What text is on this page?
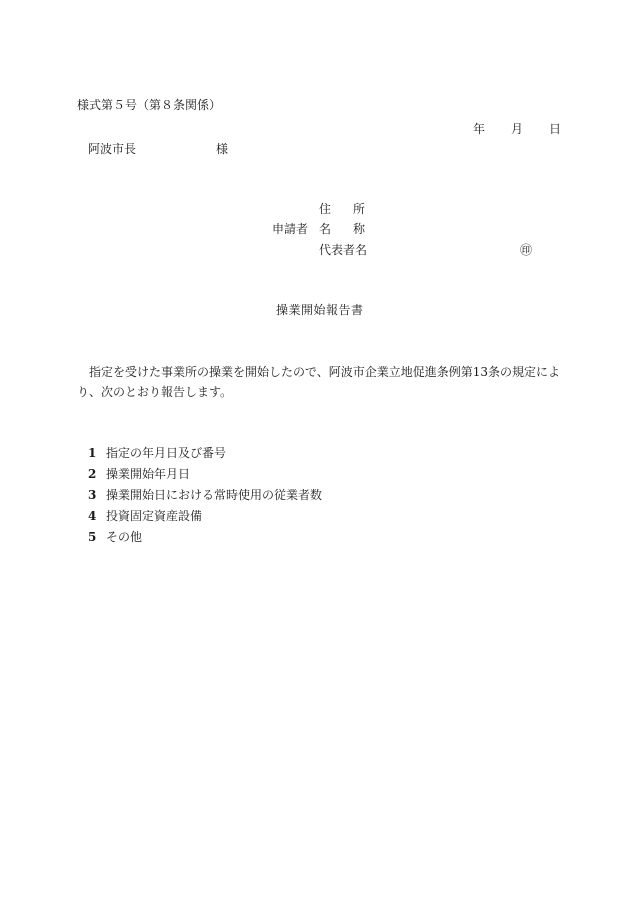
様式第５号（第８条関係）
年 月 日
阿波市長	様
住 所
申請者 名 称
代表者名	㊞
操業開始報告書
指定を受けた事業所の操業を開始したので、阿波市企業立地促進条例第13条の規定により、次のとおり報告します。
1 指定の年月日及び番号
2 操業開始年月日
3 操業開始日における常時使用の従業者数
4 投資固定資産設備
5 その他
